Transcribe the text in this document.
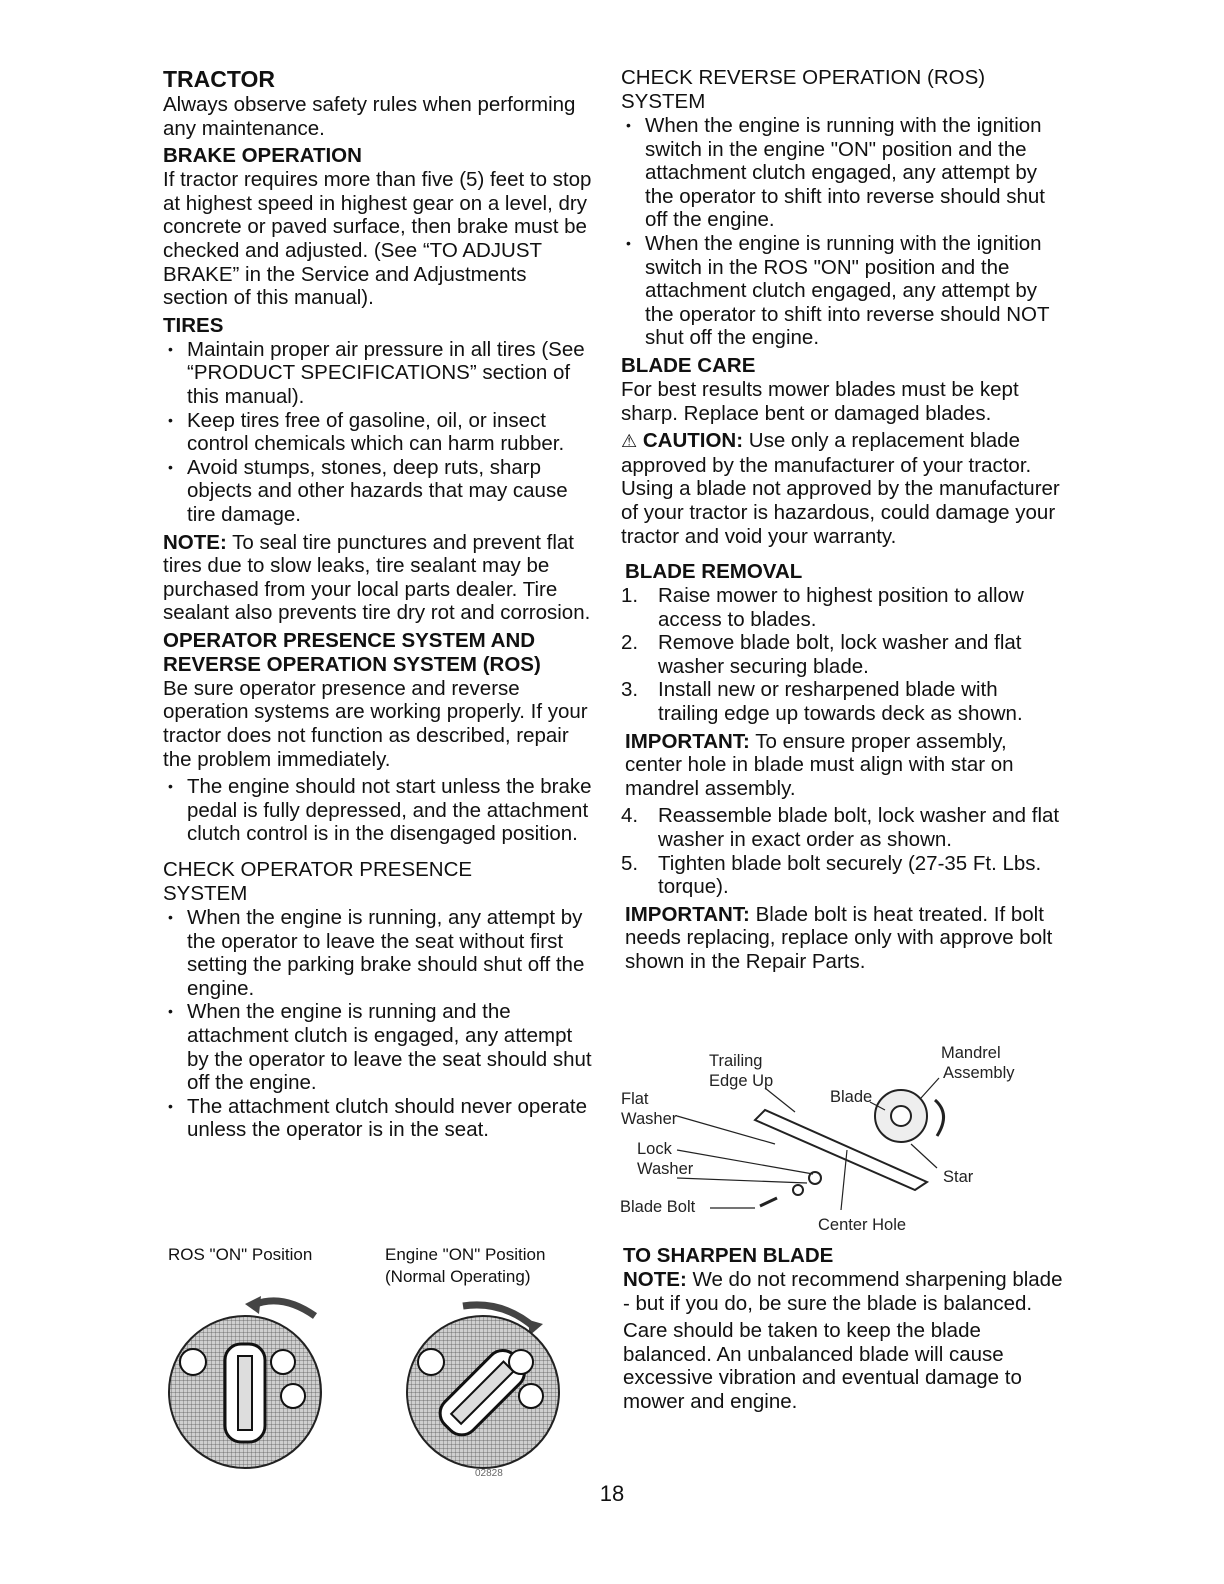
TRACTOR

Always observe safety rules when performing any maintenance.

BRAKE OPERATION

If tractor requires more than five (5) feet to stop at highest speed in highest gear on a level, dry concrete or paved surface, then brake must be checked and adjusted. (See “TO ADJUST BRAKE” in the Service and Adjustments section of this manual).

TIRES
• Maintain proper air pressure in all tires (See “PRODUCT SPECIFICATIONS” section of this manual).
• Keep tires free of gasoline, oil, or insect control chemicals which can harm rubber.
• Avoid stumps, stones, deep ruts, sharp objects and other hazards that may cause tire damage.

NOTE: To seal tire punctures and prevent flat tires due to slow leaks, tire sealant may be purchased from your local parts dealer. Tire sealant also prevents tire dry rot and corrosion.

OPERATOR PRESENCE SYSTEM AND
REVERSE OPERATION SYSTEM (ROS)

Be sure operator presence and reverse operation systems are working properly. If your tractor does not function as described, repair the problem immediately.

• The engine should not start unless the brake pedal is fully depressed, and the attachment clutch control is in the disengaged position.
CHECK OPERATOR PRESENCE SYSTEM
• When the engine is running, any attempt by the operator to leave the seat without first setting the parking brake should shut off the engine.
• When the engine is running and the attachment clutch is engaged, any attempt by the operator to leave the seat should shut off the engine.
• The attachment clutch should never operate unless the operator is in the seat.
ROS "ON" Position	Engine "ON" Position
(Normal Operating)
02828
CHECK REVERSE OPERATION (ROS) SYSTEM
• When the engine is running with the ignition switch in the engine "ON" position and the attachment clutch engaged, any attempt by the operator to shift into reverse should shut off the engine.
• When the engine is running with the ignition switch in the ROS "ON" position and the attachment clutch engaged, any attempt by the operator to shift into reverse should NOT shut off the engine.
BLADE CARE

For best results mower blades must be kept sharp. Replace bent or damaged blades.

⚠ CAUTION: Use only a replacement blade approved by the manufacturer of your tractor. Using a blade not approved by the manufacturer of your tractor is hazardous, could damage your tractor and void your warranty.

BLADE REMOVAL
1. Raise mower to highest position to allow access to blades.
2. Remove blade bolt, lock washer and flat washer securing blade.
3. Install new or resharpened blade with trailing edge up towards deck as shown.

IMPORTANT: To ensure proper assembly, center hole in blade must align with star on mandrel assembly.

4. Reassemble blade bolt, lock washer and flat washer in exact order as shown.
5. Tighten blade bolt securely (27-35 Ft. Lbs. torque).

IMPORTANT: Blade bolt is heat treated. If bolt needs replacing, replace only with approve bolt shown in the Repair Parts.

Trailing
Edge Up
Mandrel
Assembly
Flat
Washer
Blade
Lock
Washer	Star
Blade Bolt
Center Hole
TO SHARPEN BLADE

NOTE: We do not recommend sharpening blade - but if you do, be sure the blade is balanced.

Care should be taken to keep the blade balanced. An unbalanced blade will cause excessive vibration and eventual damage to mower and engine.

18
